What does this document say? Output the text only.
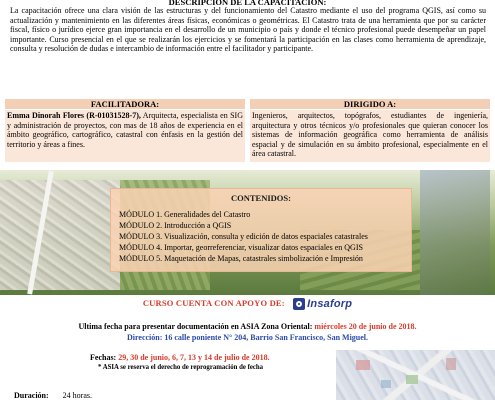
DESCRIPCION DE LA CAPACITACION:
La capacitación ofrece una clara visión de las estructuras y del funcionamiento del Catastro mediante el uso del programa QGIS, así como su actualización y mantenimiento en las diferentes áreas físicas, económicas o geométricas. El Catastro trata de una herramienta que por su carácter fiscal, físico o jurídico ejerce gran importancia en el desarrollo de un municipio o país y donde el técnico profesional puede desempeñar un papel importante. Curso presencial en el que se realizarán los ejercicios y se fomentará la participación en las clases como herramienta de aprendizaje, consulta y resolución de dudas e intercambio de información entre el facilitador y participante.
FACILITADORA:
Emma Dinorah Flores (R-01031528-7), Arquitecta, especialista en SIG y administración de proyectos, con mas de 18 años de experiencia en el ámbito geográfico, cartográfico, catastral con énfasis en la gestión del territorio y áreas a fines.
DIRIGIDO A:
Ingenieros, arquitectos, topógrafos, estudiantes de ingeniería, arquitectura y otros técnicos y/o profesionales que quieran conocer los sistemas de información geográfica como herramienta de análisis espacial y de simulación en su ámbito profesional, especialmente en el área catastral.
CONTENIDOS:
MÓDULO 1. Generalidades del Catastro
MÓDULO 2. Introducción a QGIS
MÓDULO 3. Visualización, consulta y edición de datos espaciales catastrales
MÓDULO 4. Importar, georreferenciar, visualizar datos espaciales en QGIS
MÓDULO 5. Maquetación de Mapas, catastrales simbolización e Impresión
CURSO CUENTA CON APOYO DE: Insaforp
Ultima fecha para presentar documentación en ASIA Zona Oriental: miércoles 20 de junio de 2018.
Dirección: 16 calle poniente N° 204, Barrio San Francisco, San Miguel.
Fechas: 29, 30 de junio, 6, 7, 13 y 14 de julio de 2018.
* ASIA se reserva el derecho de reprogramación de fecha
Duración: 24 horas.
